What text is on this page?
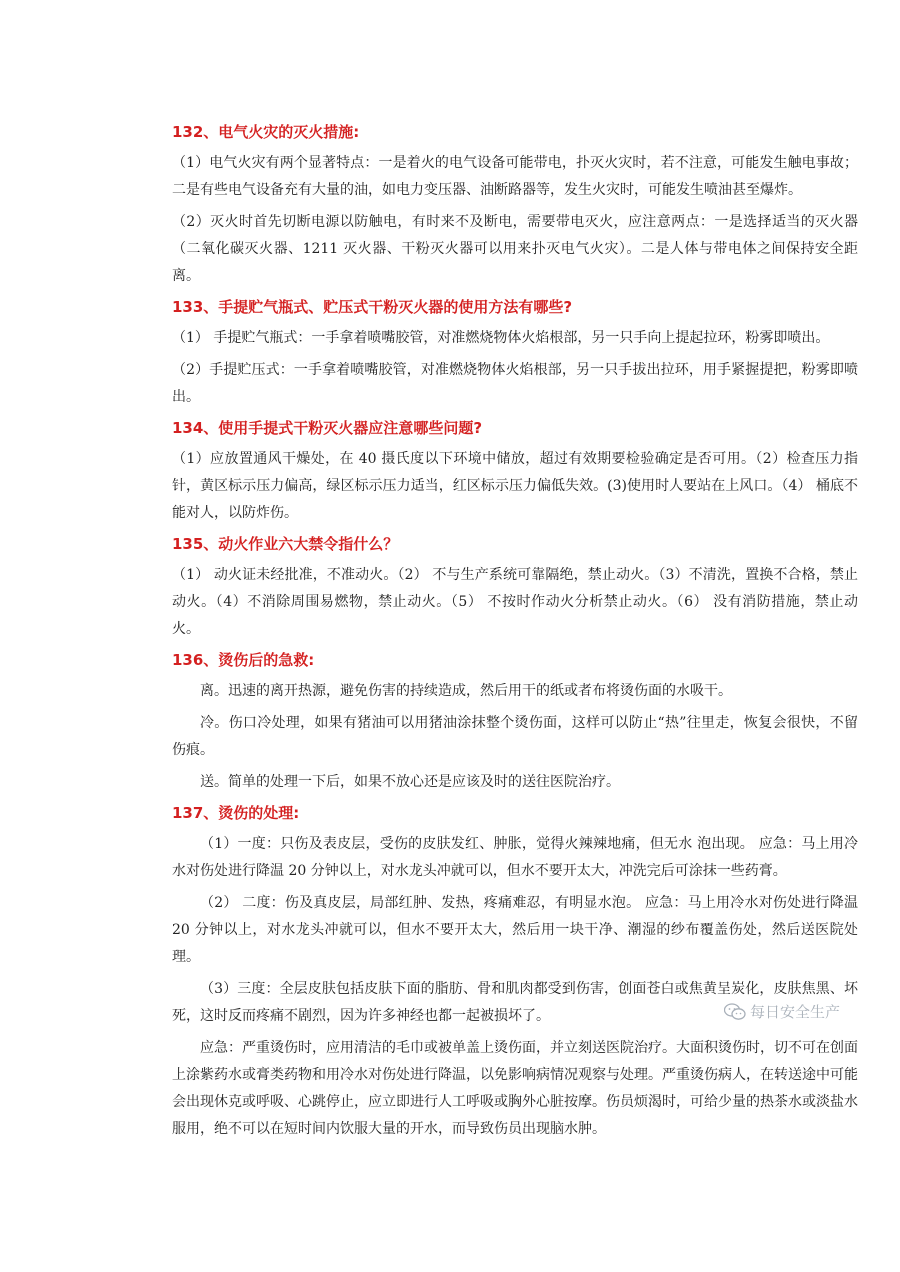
132、电气火灾的灭火措施:

（1）电气火灾有两个显著特点：一是着火的电气设备可能带电，扑灭火灾时，若不注意，可能发生触电事故；二是有些电气设备充有大量的油，如电力变压器、油断路器等，发生火灾时，可能发生喷油甚至爆炸。

（2）灭火时首先切断电源以防触电，有时来不及断电，需要带电灭火，应注意两点：一是选择适当的灭火器（二氧化碳灭火器、1211 灭火器、干粉灭火器可以用来扑灭电气火灾）。二是人体与带电体之间保持安全距离。

133、手提贮气瓶式、贮压式干粉灭火器的使用方法有哪些?

（1） 手提贮气瓶式：一手拿着喷嘴胶管，对准燃烧物体火焰根部，另一只手向上提起拉环，粉雾即喷出。

（2）手提贮压式：一手拿着喷嘴胶管，对准燃烧物体火焰根部，另一只手拔出拉环，用手紧握提把，粉雾即喷出。

134、使用手提式干粉灭火器应注意哪些问题?

（1）应放置通风干燥处，在 40 摄氏度以下环境中储放，超过有效期要检验确定是否可用。（2）检查压力指针，黄区标示压力偏高，绿区标示压力适当，红区标示压力偏低失效。(3)使用时人要站在上风口。（4） 桶底不能对人，以防炸伤。

135、动火作业六大禁令指什么？

（1） 动火证未经批准，不准动火。（2） 不与生产系统可靠隔绝，禁止动火。（3）不清洗，置换不合格，禁止动火。（4）不消除周围易燃物，禁止动火。（5） 不按时作动火分析禁止动火。（6） 没有消防措施，禁止动火。

136、烫伤后的急救:

离。迅速的离开热源，避免伤害的持续造成，然后用干的纸或者布将烫伤面的水吸干。

冷。伤口冷处理，如果有猪油可以用猪油涂抹整个烫伤面，这样可以防止“热”往里走，恢复会很快，不留伤痕。

送。简单的处理一下后，如果不放心还是应该及时的送往医院治疗。

137、烫伤的处理:

（1）一度：只伤及表皮层，受伤的皮肤发红、肿胀，觉得火辣辣地痛，但无水 泡出现。 应急：马上用冷水对伤处进行降温 20 分钟以上，对水龙头冲就可以，但水不要开太大，冲洗完后可涂抹一些药膏。

（2） 二度：伤及真皮层，局部红肿、发热，疼痛难忍，有明显水泡。 应急：马上用冷水对伤处进行降温 20 分钟以上，对水龙头冲就可以，但水不要开太大，然后用一块干净、潮湿的纱布覆盖伤处，然后送医院处理。

（3）三度：全层皮肤包括皮肤下面的脂肪、骨和肌肉都受到伤害，创面苍白或焦黄呈炭化，皮肤焦黑、坏死，这时反而疼痛不剧烈，因为许多神经也都一起被损坏了。

应急：严重烫伤时，应用清洁的毛巾或被单盖上烫伤面，并立刻送医院治疗。大面积烫伤时，切不可在创面上涂紫药水或膏类药物和用冷水对伤处进行降温，以免影响病情况观察与处理。严重烫伤病人，在转送途中可能会出现休克或呼吸、心跳停止，应立即进行人工呼吸或胸外心脏按摩。伤员烦渴时，可给少量的热茶水或淡盐水服用，绝不可以在短时间内饮服大量的开水，而导致伤员出现脑水肿。

每日安全生产
